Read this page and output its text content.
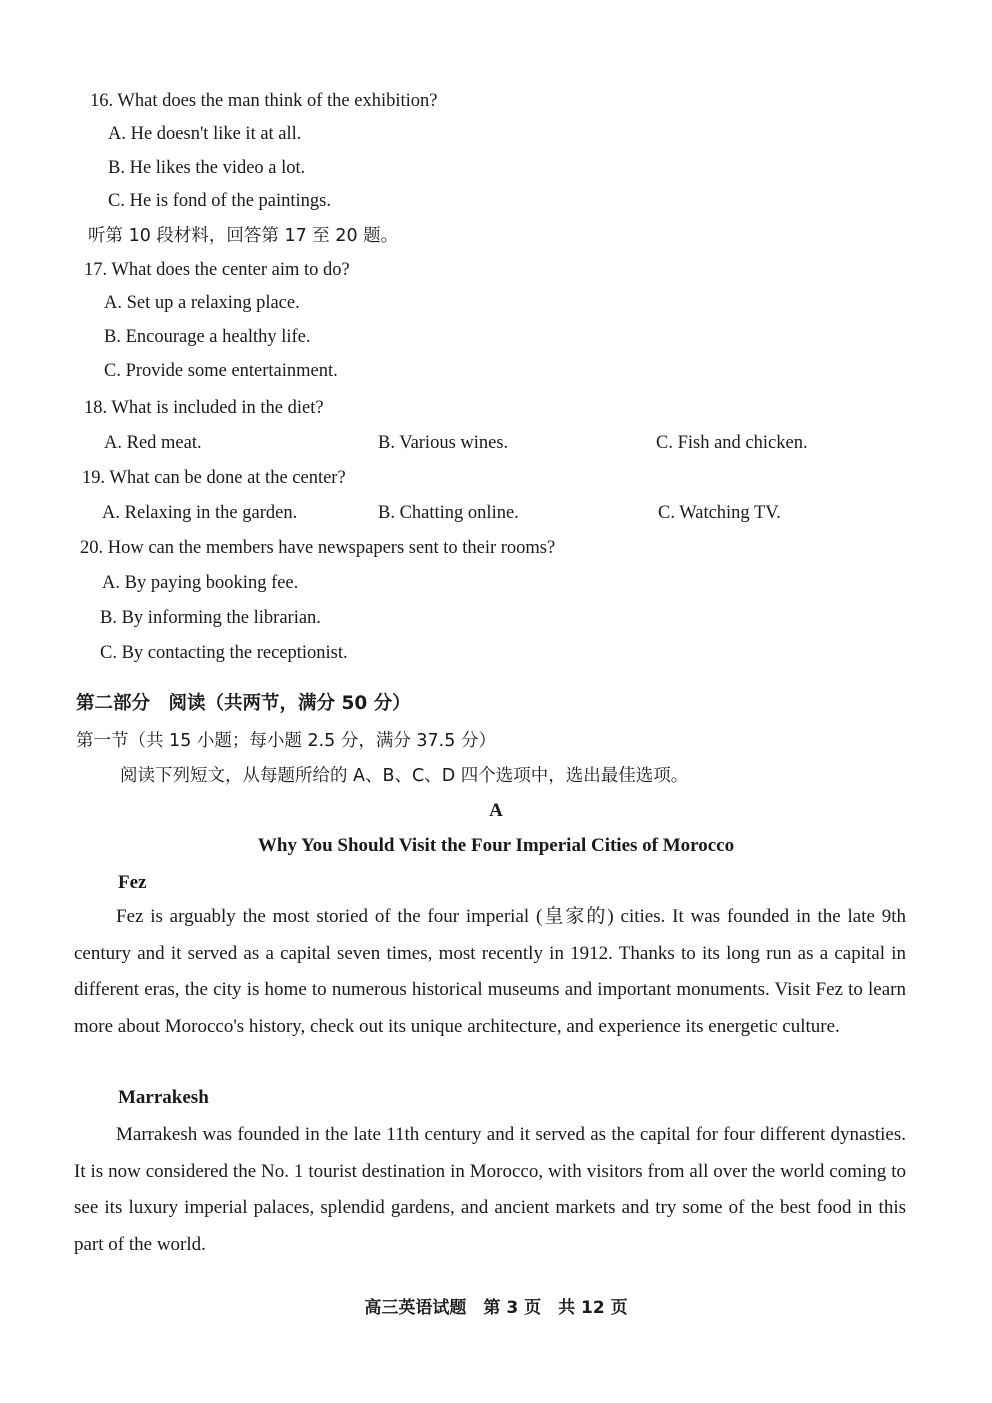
16. What does the man think of the exhibition?
A. He doesn't like it at all.
B. He likes the video a lot.
C. He is fond of the paintings.
听第 10 段材料，回答第 17 至 20 题。
17. What does the center aim to do?
A. Set up a relaxing place.
B. Encourage a healthy life.
C. Provide some entertainment.
18. What is included in the diet?
A. Red meat.	B. Various wines.	C. Fish and chicken.
19. What can be done at the center?
A. Relaxing in the garden.	B. Chatting online.	C. Watching TV.
20. How can the members have newspapers sent to their rooms?
A. By paying booking fee.
B. By informing the librarian.
C. By contacting the receptionist.
第二部分　阅读（共两节，满分 50 分）
第一节（共 15 小题；每小题 2.5 分，满分 37.5 分）
阅读下列短文，从每题所给的 A、B、C、D 四个选项中，选出最佳选项。
A
Why You Should Visit the Four Imperial Cities of Morocco
Fez
Fez is arguably the most storied of the four imperial (皇家的) cities. It was founded in the late 9th century and it served as a capital seven times, most recently in 1912. Thanks to its long run as a capital in different eras, the city is home to numerous historical museums and important monuments. Visit Fez to learn more about Morocco's history, check out its unique architecture, and experience its energetic culture.
Marrakesh
Marrakesh was founded in the late 11th century and it served as the capital for four different dynasties. It is now considered the No. 1 tourist destination in Morocco, with visitors from all over the world coming to see its luxury imperial palaces, splendid gardens, and ancient markets and try some of the best food in this part of the world.
高三英语试题　第 3 页　共 12 页
